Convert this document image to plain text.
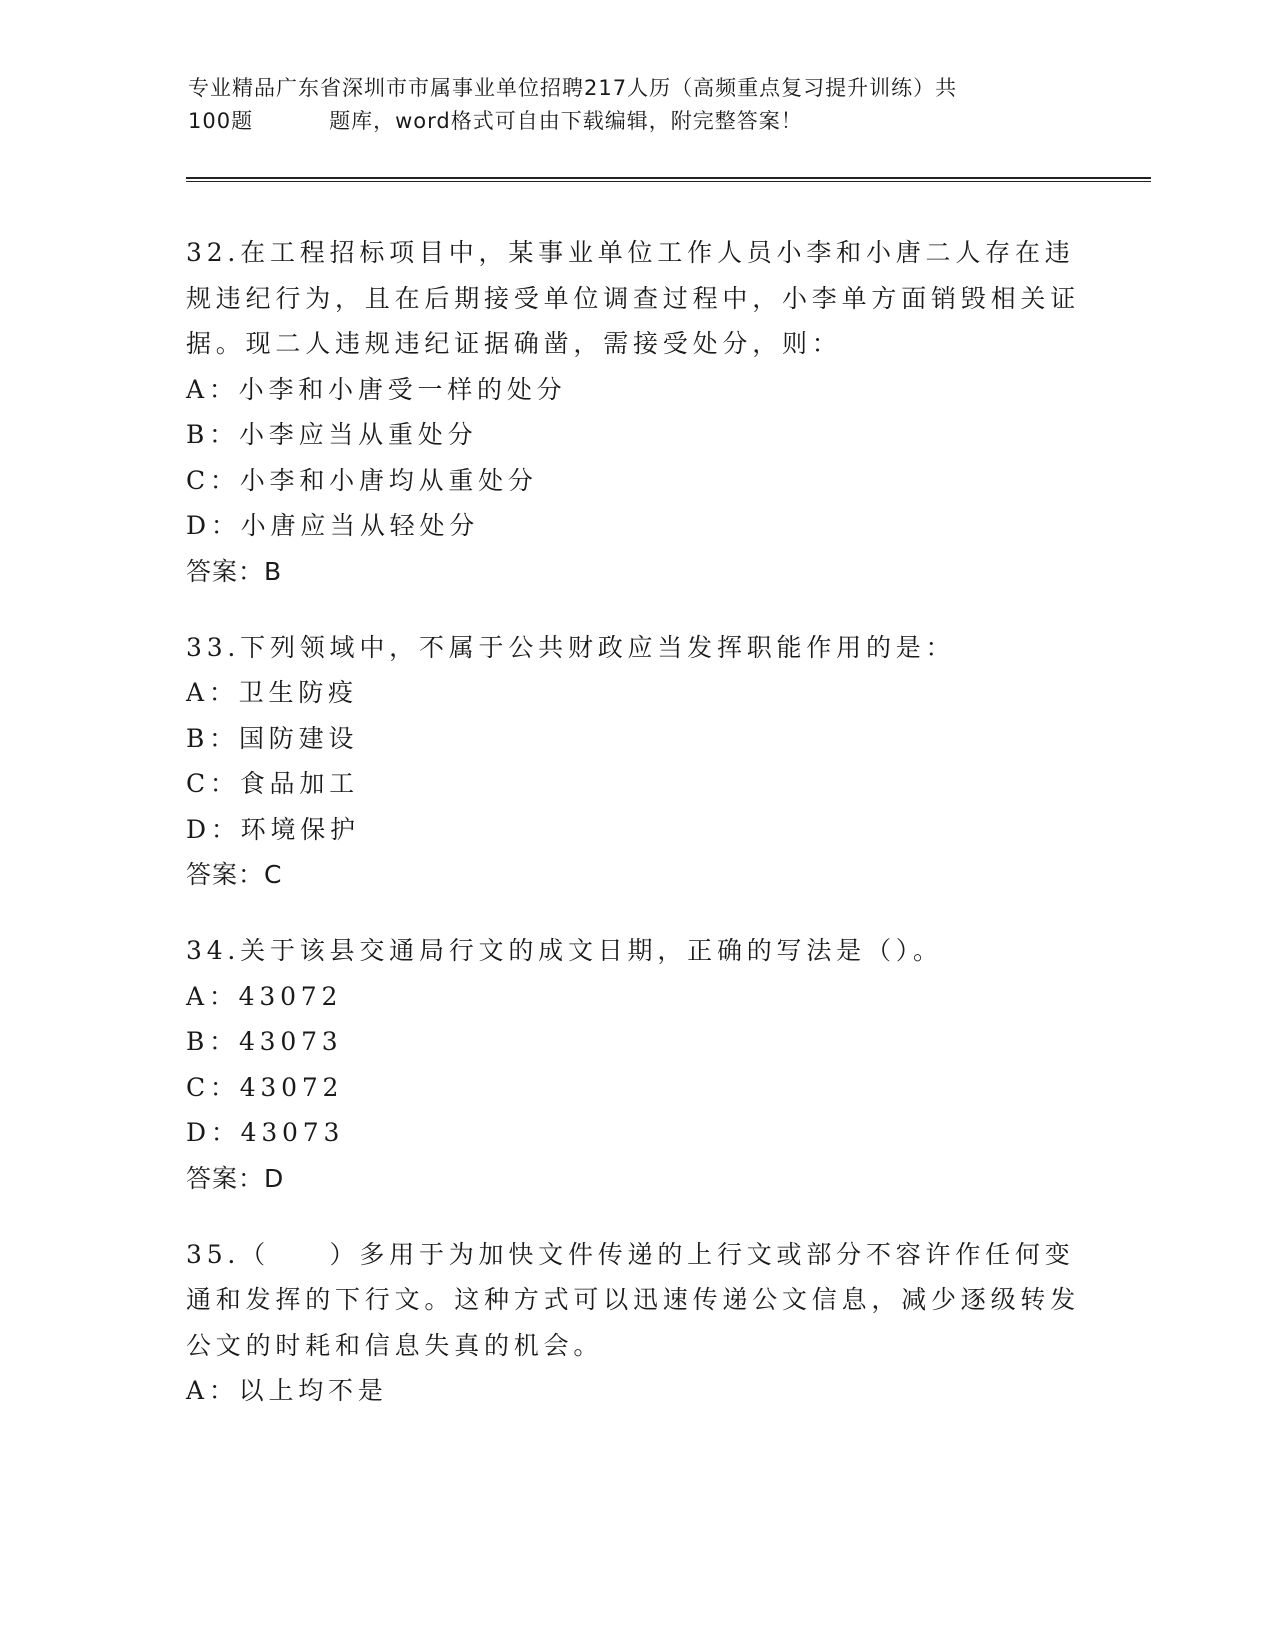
专业精品广东省深圳市市属事业单位招聘217人历（高频重点复习提升训练）共
100题	题库，word格式可自由下载编辑，附完整答案！
32.在工程招标项目中，某事业单位工作人员小李和小唐二人存在违规违纪行为，且在后期接受单位调查过程中，小李单方面销毁相关证据。现二人违规违纪证据确凿，需接受处分，则：
A：小李和小唐受一样的处分
B：小李应当从重处分
C：小李和小唐均从重处分
D：小唐应当从轻处分
答案：B
33.下列领域中，不属于公共财政应当发挥职能作用的是：
A：卫生防疫
B：国防建设
C：食品加工
D：环境保护
答案：C
34.关于该县交通局行文的成文日期，正确的写法是（）。
A：43072
B：43073
C：43072
D：43073
答案：D
35.（　　）多用于为加快文件传递的上行文或部分不容许作任何变通和发挥的下行文。这种方式可以迅速传递公文信息，减少逐级转发公文的时耗和信息失真的机会。
A：以上均不是
